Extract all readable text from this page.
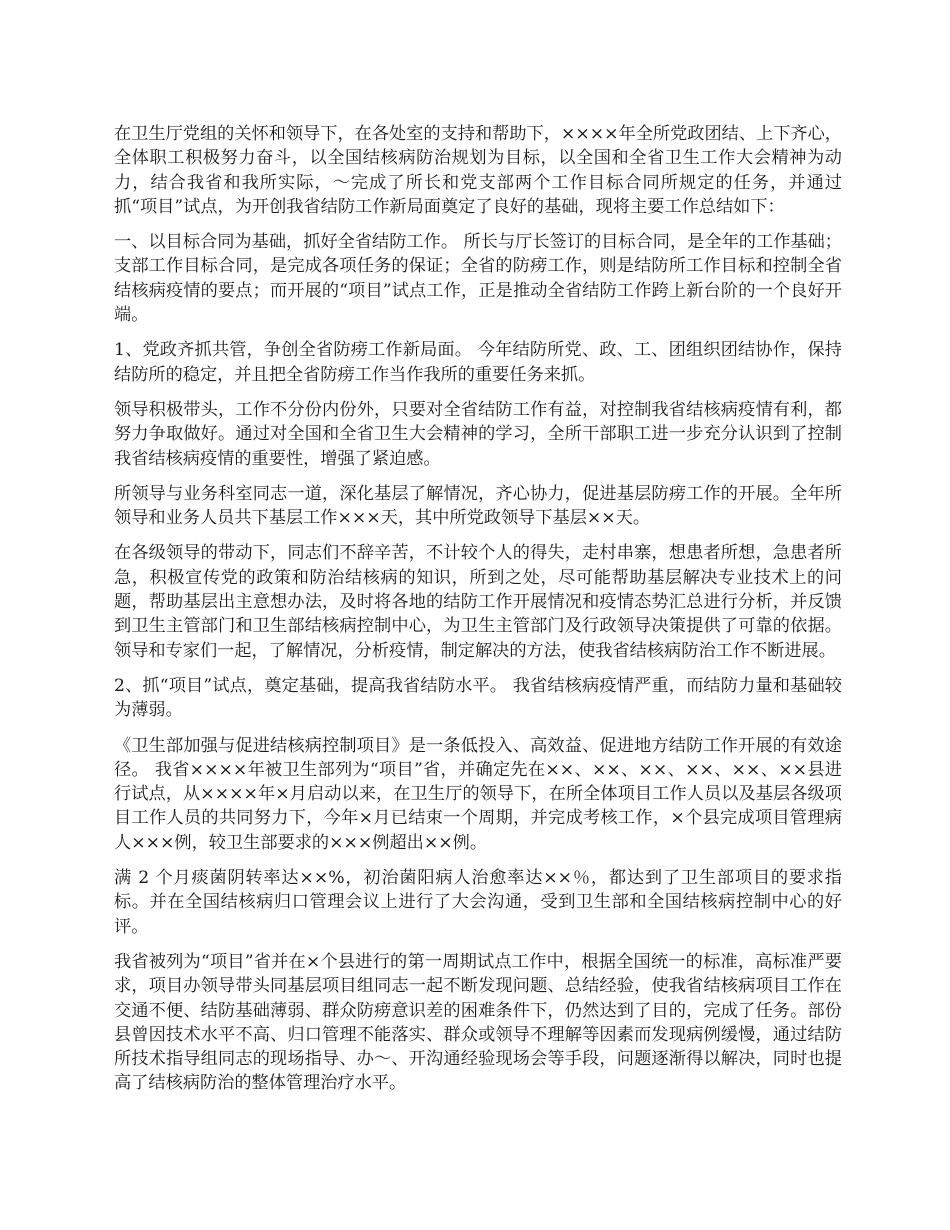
在卫生厅党组的关怀和领导下，在各处室的支持和帮助下，××××年全所党政团结、上下齐心，全体职工积极努力奋斗，以全国结核病防治规划为目标，以全国和全省卫生工作大会精神为动力，结合我省和我所实际，～完成了所长和党支部两个工作目标合同所规定的任务，并通过抓“项目”试点，为开创我省结防工作新局面奠定了良好的基础，现将主要工作总结如下：

一、以目标合同为基础，抓好全省结防工作。 所长与厅长签订的目标合同，是全年的工作基础；支部工作目标合同，是完成各项任务的保证；全省的防痨工作，则是结防所工作目标和控制全省结核病疫情的要点；而开展的“项目”试点工作，正是推动全省结防工作跨上新台阶的一个良好开端。

1、党政齐抓共管，争创全省防痨工作新局面。 今年结防所党、政、工、团组织团结协作，保持结防所的稳定，并且把全省防痨工作当作我所的重要任务来抓。

领导积极带头，工作不分份内份外，只要对全省结防工作有益，对控制我省结核病疫情有利，都努力争取做好。通过对全国和全省卫生大会精神的学习，全所干部职工进一步充分认识到了控制我省结核病疫情的重要性，增强了紧迫感。

所领导与业务科室同志一道，深化基层了解情况，齐心协力，促进基层防痨工作的开展。全年所领导和业务人员共下基层工作×××天，其中所党政领导下基层××天。

在各级领导的带动下，同志们不辞辛苦，不计较个人的得失，走村串寨，想患者所想，急患者所急，积极宣传党的政策和防治结核病的知识，所到之处，尽可能帮助基层解决专业技术上的问题，帮助基层出主意想办法，及时将各地的结防工作开展情况和疫情态势汇总进行分析，并反馈到卫生主管部门和卫生部结核病控制中心，为卫生主管部门及行政领导决策提供了可靠的依据。领导和专家们一起，了解情况，分析疫情，制定解决的方法，使我省结核病防治工作不断进展。

2、抓“项目”试点，奠定基础，提高我省结防水平。 我省结核病疫情严重，而结防力量和基础较为薄弱。

《卫生部加强与促进结核病控制项目》是一条低投入、高效益、促进地方结防工作开展的有效途径。 我省××××年被卫生部列为“项目”省，并确定先在××、××、××、××、××、××县进行试点，从××××年×月启动以来，在卫生厅的领导下，在所全体项目工作人员以及基层各级项目工作人员的共同努力下，今年×月已结束一个周期，并完成考核工作，×个县完成项目管理病人×××例，较卫生部要求的×××例超出××例。

满 2 个月痰菌阴转率达××%，初治菌阳病人治愈率达××％，都达到了卫生部项目的要求指标。并在全国结核病归口管理会议上进行了大会沟通，受到卫生部和全国结核病控制中心的好评。

我省被列为“项目”省并在×个县进行的第一周期试点工作中，根据全国统一的标准，高标准严要求，项目办领导带头同基层项目组同志一起不断发现问题、总结经验，使我省结核病项目工作在交通不便、结防基础薄弱、群众防痨意识差的困难条件下，仍然达到了目的，完成了任务。部份县曾因技术水平不高、归口管理不能落实、群众或领导不理解等因素而发现病例缓慢，通过结防所技术指导组同志的现场指导、办～、开沟通经验现场会等手段，问题逐渐得以解决，同时也提高了结核病防治的整体管理治疗水平。
